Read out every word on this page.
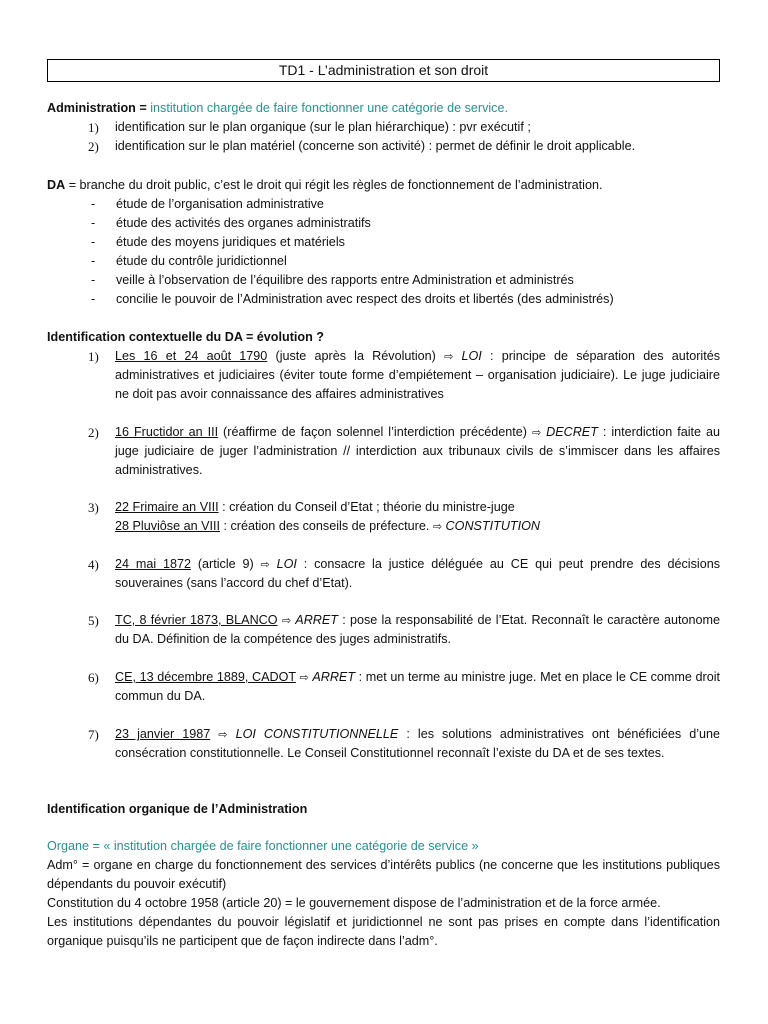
TD1 - L’administration et son droit
Administration = institution chargée de faire fonctionner une catégorie de service.
1) identification sur le plan organique (sur le plan hiérarchique) : pvr exécutif ;
2) identification sur le plan matériel (concerne son activité) : permet de définir le droit applicable.
DA = branche du droit public, c’est le droit qui régit les règles de fonctionnement de l’administration.
- étude de l’organisation administrative
- étude des activités des organes administratifs
- étude des moyens juridiques et matériels
- étude du contrôle juridictionnel
- veille à l’observation de l’équilibre des rapports entre Administration et administrés
- concilie le pouvoir de l’Administration avec respect des droits et libertés (des administrés)
Identification contextuelle du DA = évolution ?
1) Les 16 et 24 août 1790 (juste après la Révolution) ⇨ LOI : principe de séparation des autorités administratives et judiciaires (éviter toute forme d’empiétement – organisation judiciaire). Le juge judiciaire ne doit pas avoir connaissance des affaires administratives
2) 16 Fructidor an III (réaffirme de façon solennel l’interdiction précédente) ⇨ DECRET : interdiction faite au juge judiciaire de juger l’administration // interdiction aux tribunaux civils de s’immiscer dans les affaires administratives.
3) 22 Frimaire an VIII : création du Conseil d’Etat ; théorie du ministre-juge
28 Pluviôse an VIII : création des conseils de préfecture. ⇨ CONSTITUTION
4) 24 mai 1872 (article 9) ⇨ LOI : consacre la justice déléguée au CE qui peut prendre des décisions souveraines (sans l’accord du chef d’Etat).
5) TC, 8 février 1873, BLANCO ⇨ ARRET : pose la responsabilité de l’Etat. Reconnaît le caractère autonome du DA. Définition de la compétence des juges administratifs.
6) CE, 13 décembre 1889, CADOT ⇨ ARRET : met un terme au ministre juge. Met en place le CE comme droit commun du DA.
7) 23 janvier 1987 ⇨ LOI CONSTITUTIONNELLE : les solutions administratives ont bénéficiées d’une consécration constitutionnelle. Le Conseil Constitutionnel reconnaît l’existe du DA et de ses textes.
Identification organique de l’Administration
Organe = « institution chargée de faire fonctionner une catégorie de service »

Adm° = organe en charge du fonctionnement des services d’intérêts publics (ne concerne que les institutions publiques dépendants du pouvoir exécutif)

Constitution du 4 octobre 1958 (article 20) = le gouvernement dispose de l’administration et de la force armée.

Les institutions dépendantes du pouvoir législatif et juridictionnel ne sont pas prises en compte dans l’identification organique puisqu’ils ne participent que de façon indirecte dans l’adm°.
